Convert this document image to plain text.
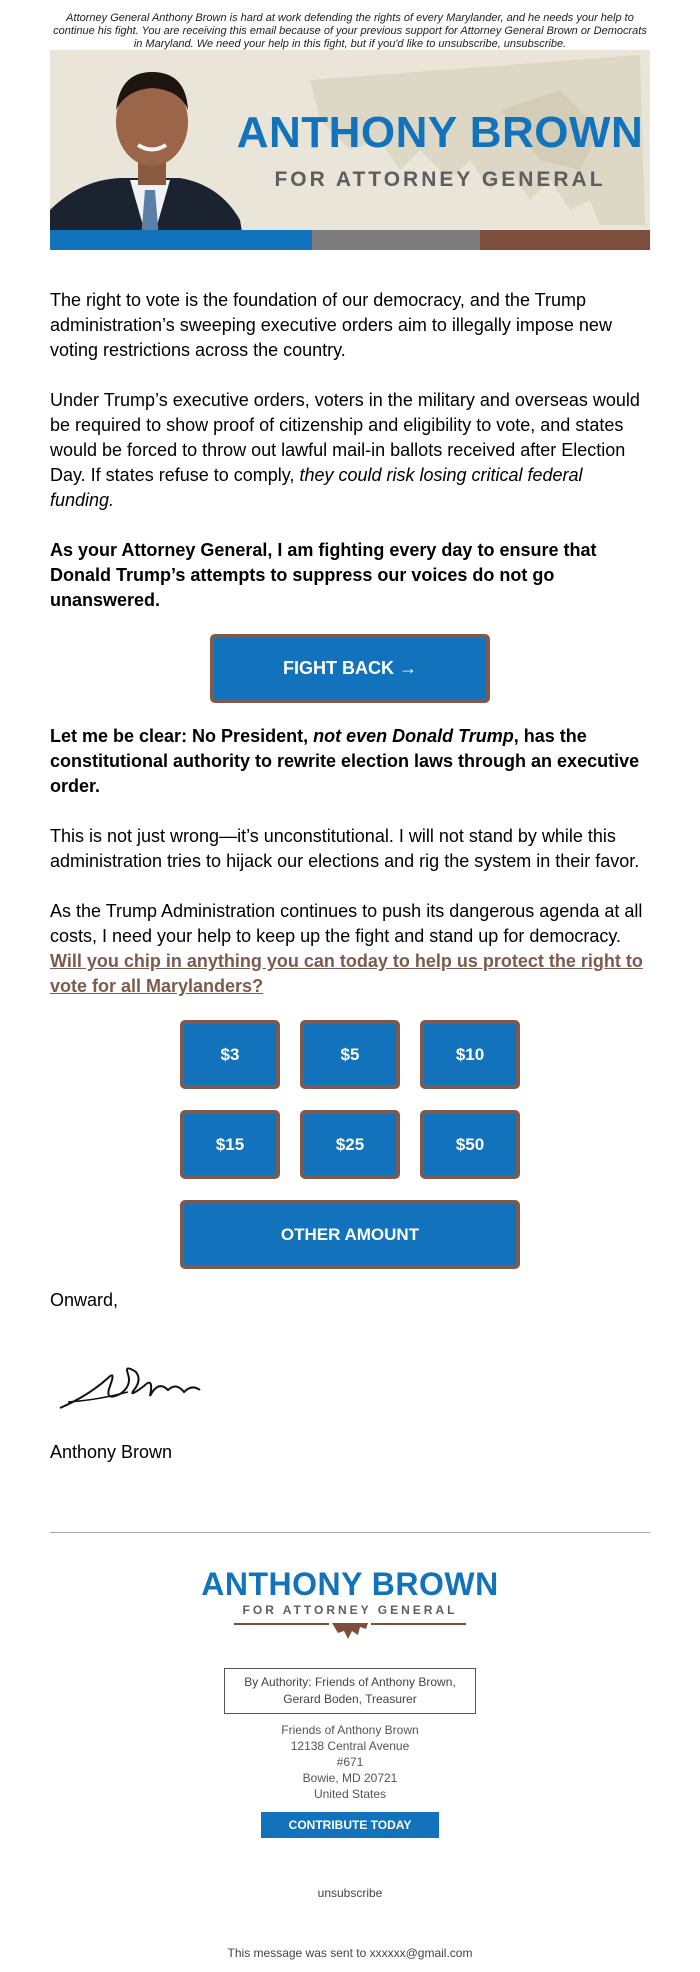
Attorney General Anthony Brown is hard at work defending the rights of every Marylander, and he needs your help to continue his fight. You are receiving this email because of your previous support for Attorney General Brown or Democrats in Maryland. We need your help in this fight, but if you'd like to unsubscribe, unsubscribe.
ANTHONY BROWN
FOR ATTORNEY GENERAL

The right to vote is the foundation of our democracy, and the Trump administration’s sweeping executive orders aim to illegally impose new voting restrictions across the country.

Under Trump’s executive orders, voters in the military and overseas would be required to show proof of citizenship and eligibility to vote, and states would be forced to throw out lawful mail-in ballots received after Election Day. If states refuse to comply, they could risk losing critical federal funding.

As your Attorney General, I am fighting every day to ensure that Donald Trump’s attempts to suppress our voices do not go unanswered.

FIGHT BACK →

Let me be clear: No President, not even Donald Trump, has the constitutional authority to rewrite election laws through an executive order.

This is not just wrong—it’s unconstitutional. I will not stand by while this administration tries to hijack our elections and rig the system in their favor.

As the Trump Administration continues to push its dangerous agenda at all costs, I need your help to keep up the fight and stand up for democracy. Will you chip in anything you can today to help us protect the right to vote for all Marylanders?

$3	$5	$10
$15	$25	$50
OTHER AMOUNT

Onward,

Anthony Brown

ANTHONY BROWN
FOR ATTORNEY GENERAL
By Authority: Friends of Anthony Brown,
Gerard Boden, Treasurer
Friends of Anthony Brown
12138 Central Avenue
#671
Bowie, MD 20721
United States
CONTRIBUTE TODAY
unsubscribe
This message was sent to xxxxxx@gmail.com
